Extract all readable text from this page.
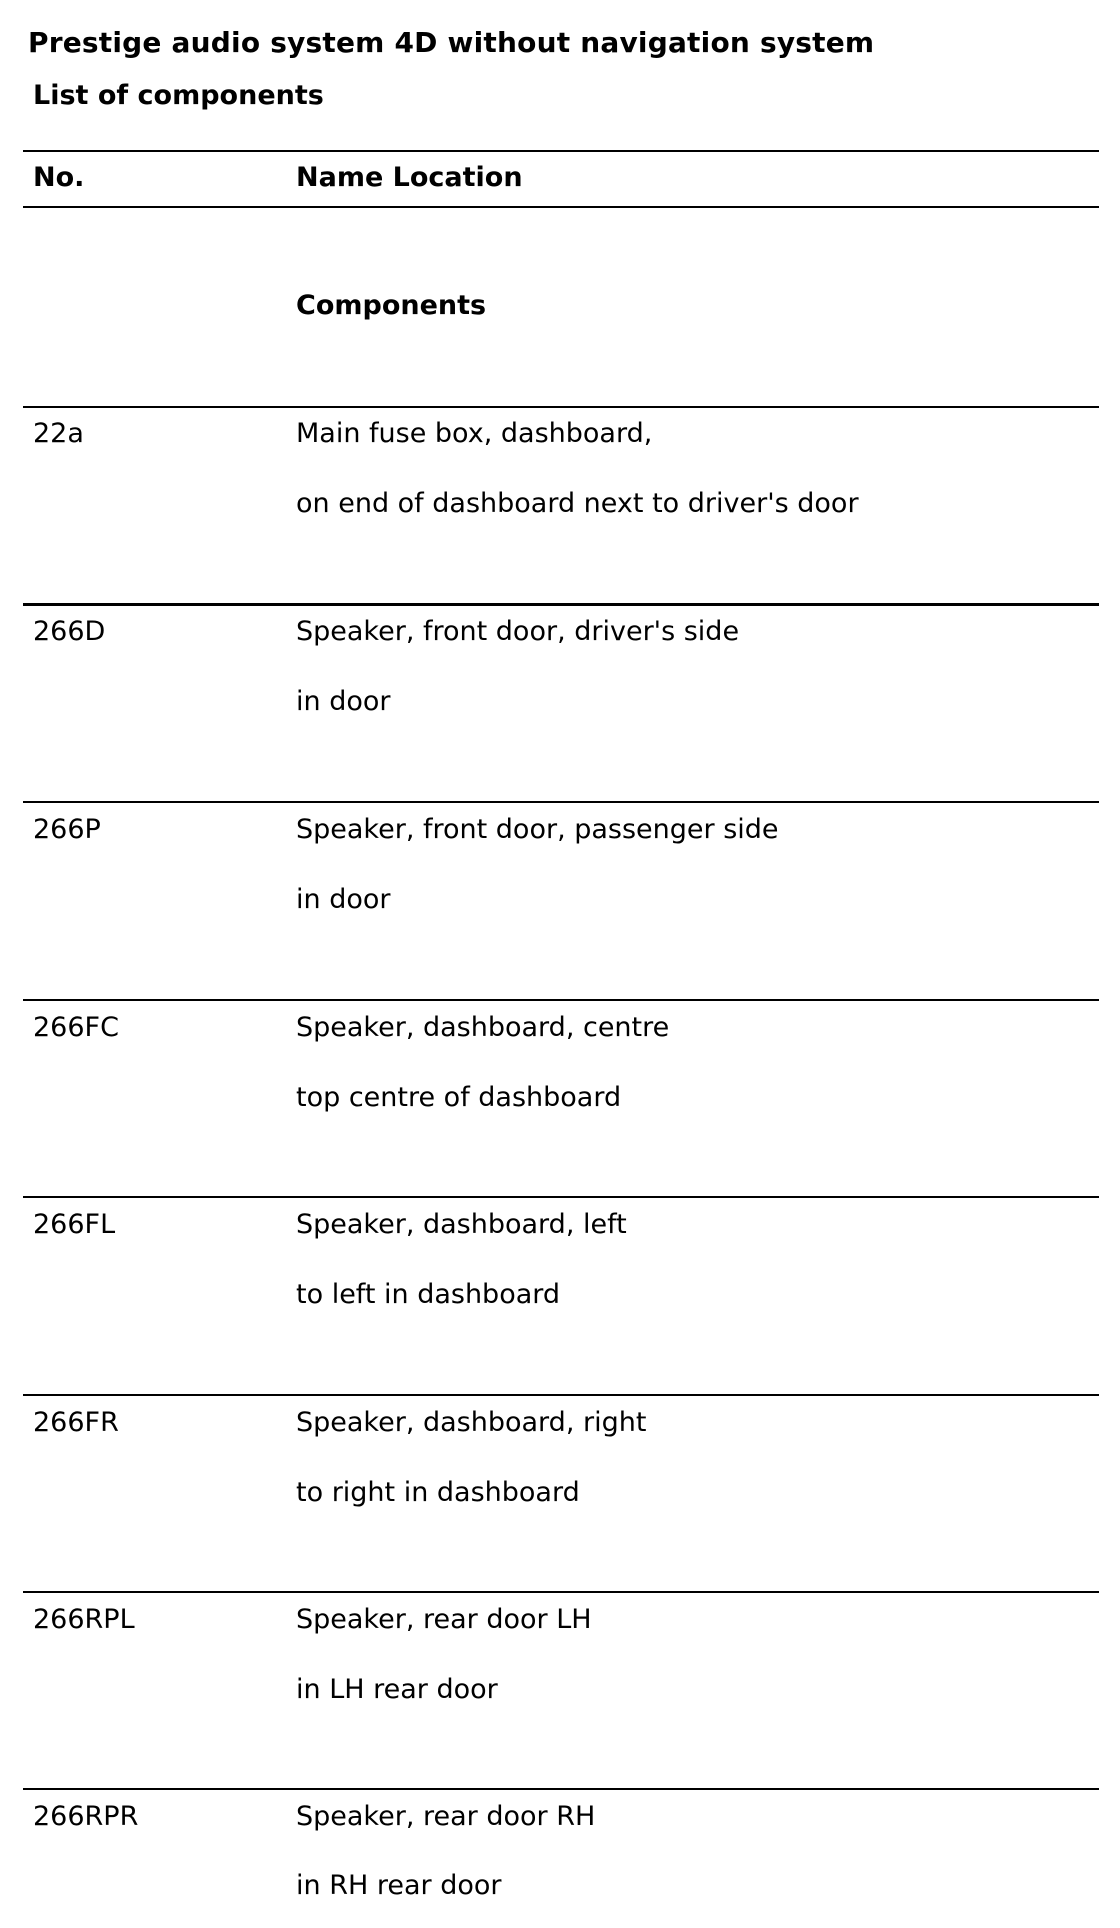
Prestige audio system 4D without navigation system
List of components
No.	Name Location
Components
22a	Main fuse box, dashboard,
on end of dashboard next to driver's door
266D	Speaker, front door, driver's side
in door
266P	Speaker, front door, passenger side
in door
266FC	Speaker, dashboard, centre
top centre of dashboard
266FL	Speaker, dashboard, left
to left in dashboard
266FR	Speaker, dashboard, right
to right in dashboard
266RPL	Speaker, rear door LH
in LH rear door
266RPR	Speaker, rear door RH
in RH rear door
